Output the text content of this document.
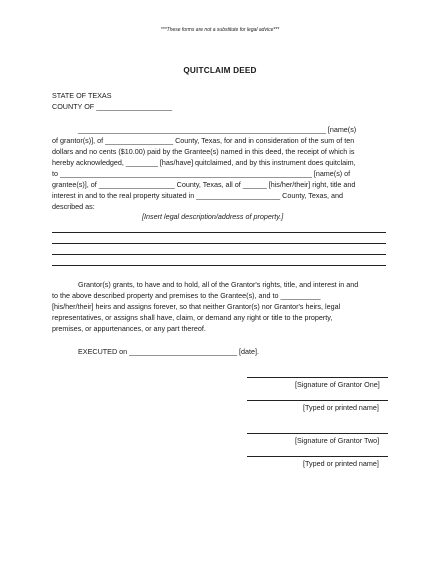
***These forms are not a substitute for legal advice***
QUITCLAIM DEED
STATE OF TEXAS
COUNTY OF ___________________
______________________________________________________________ [name(s)
of grantor(s)], of _________________ County, Texas, for and in consideration of the sum of ten
dollars and no cents ($10.00) paid by the Grantee(s) named in this deed, the receipt of which is
hereby acknowledged, ________ [has/have] quitclaimed, and by this instrument does quitclaim,
to _______________________________________________________________ [name(s) of
grantee(s)], of ___________________ County, Texas, all of ______ [his/her/their] right, title and
interest in and to the real property situated in _____________________ County, Texas, and
described as:
[Insert legal description/address of property.]
Grantor(s) grants, to have and to hold, all of the Grantor's rights, title, and interest in and
to the above described property and premises to the Grantee(s), and to __________
[his/her/their] heirs and assigns forever, so that neither Grantor(s) nor Grantor's heirs, legal
representatives, or assigns shall have, claim, or demand any right or title to the property,
premises, or appurtenances, or any part thereof.
EXECUTED on ___________________________ [date].
[Signature of Grantor One]
[Typed or printed name]
[Signature of Grantor Two]
[Typed or printed name]
